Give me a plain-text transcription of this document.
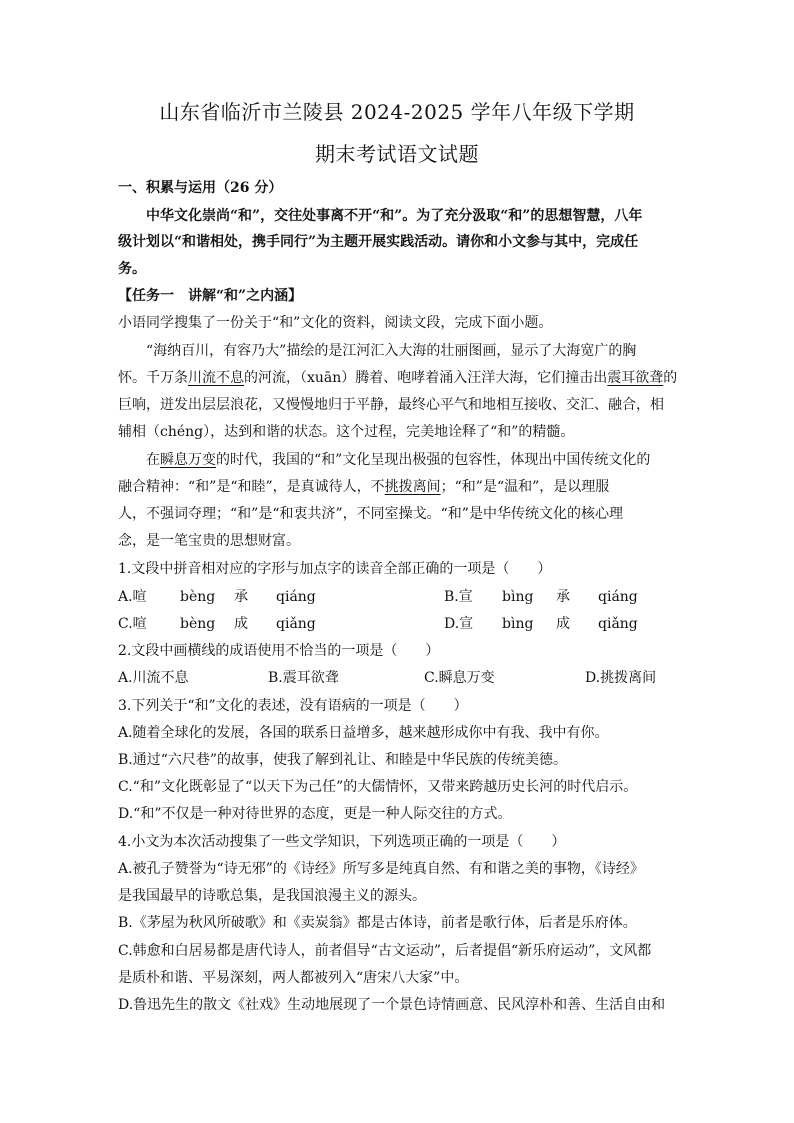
山东省临沂市兰陵县 2024-2025 学年八年级下学期
期末考试语文试题
一、积累与运用（26 分）
中华文化崇尚“和”，交往处事离不开“和”。为了充分汲取“和”的思想智慧，八年
级计划以“和谐相处，携手同行”为主题开展实践活动。请你和小文参与其中，完成任
务。
【任务一　讲解“和”之内涵】
小语同学搜集了一份关于“和”文化的资料，阅读文段，完成下面小题。
“海纳百川，有容乃大”描绘的是江河汇入大海的壮丽图画，显示了大海宽广的胸
怀。千万条川流不息的河流，（xuān）腾着、咆哮着涌入汪洋大海，它们撞击出震耳欲聋的
巨响，迸发出层层浪花，又慢慢地归于平静，最终心平气和地相互接收、交汇、融合，相
辅相（chéng），达到和谐的状态。这个过程，完美地诠释了“和”的精髓。
在瞬息万变的时代，我国的“和”文化呈现出极强的包容性，体现出中国传统文化的
融合精神：“和”是“和睦”，是真诚待人，不挑拨离间；“和”是“温和”，是以理服
人，不强词夺理；“和”是“和衷共济”，不同室操戈。“和”是中华传统文化的核心理
念，是一笔宝贵的思想财富。
1.文段中拼音相对应的字形与加点字的读音全部正确的一项是（　　）
A.喧 bèng 承 qiáng	B.宣 bìng 承 qiáng
C.喧 bèng 成 qiǎng	D.宣 bìng 成 qiǎng
2.文段中画横线的成语使用不恰当的一项是（　　）
A.川流不息	B.震耳欲聋	C.瞬息万变	D.挑拨离间
3.下列关于“和”文化的表述，没有语病的一项是（　　）
A.随着全球化的发展，各国的联系日益增多，越来越形成你中有我、我中有你。
B.通过“六尺巷”的故事，使我了解到礼让、和睦是中华民族的传统美德。
C.“和”文化既彰显了“以天下为己任”的大儒情怀，又带来跨越历史长河的时代启示。
D.“和”不仅是一种对待世界的态度，更是一种人际交往的方式。
4.小文为本次活动搜集了一些文学知识，下列选项正确的一项是（　　）
A.被孔子赞誉为“诗无邪”的《诗经》所写多是纯真自然、有和谐之美的事物，《诗经》
是我国最早的诗歌总集，是我国浪漫主义的源头。
B.《茅屋为秋风所破歌》和《卖炭翁》都是古体诗，前者是歌行体，后者是乐府体。
C.韩愈和白居易都是唐代诗人，前者倡导“古文运动”，后者提倡“新乐府运动”，文风都
是质朴和谐、平易深刻，两人都被列入“唐宋八大家”中。
D.鲁迅先生的散文《社戏》生动地展现了一个景色诗情画意、民风淳朴和善、生活自由和
